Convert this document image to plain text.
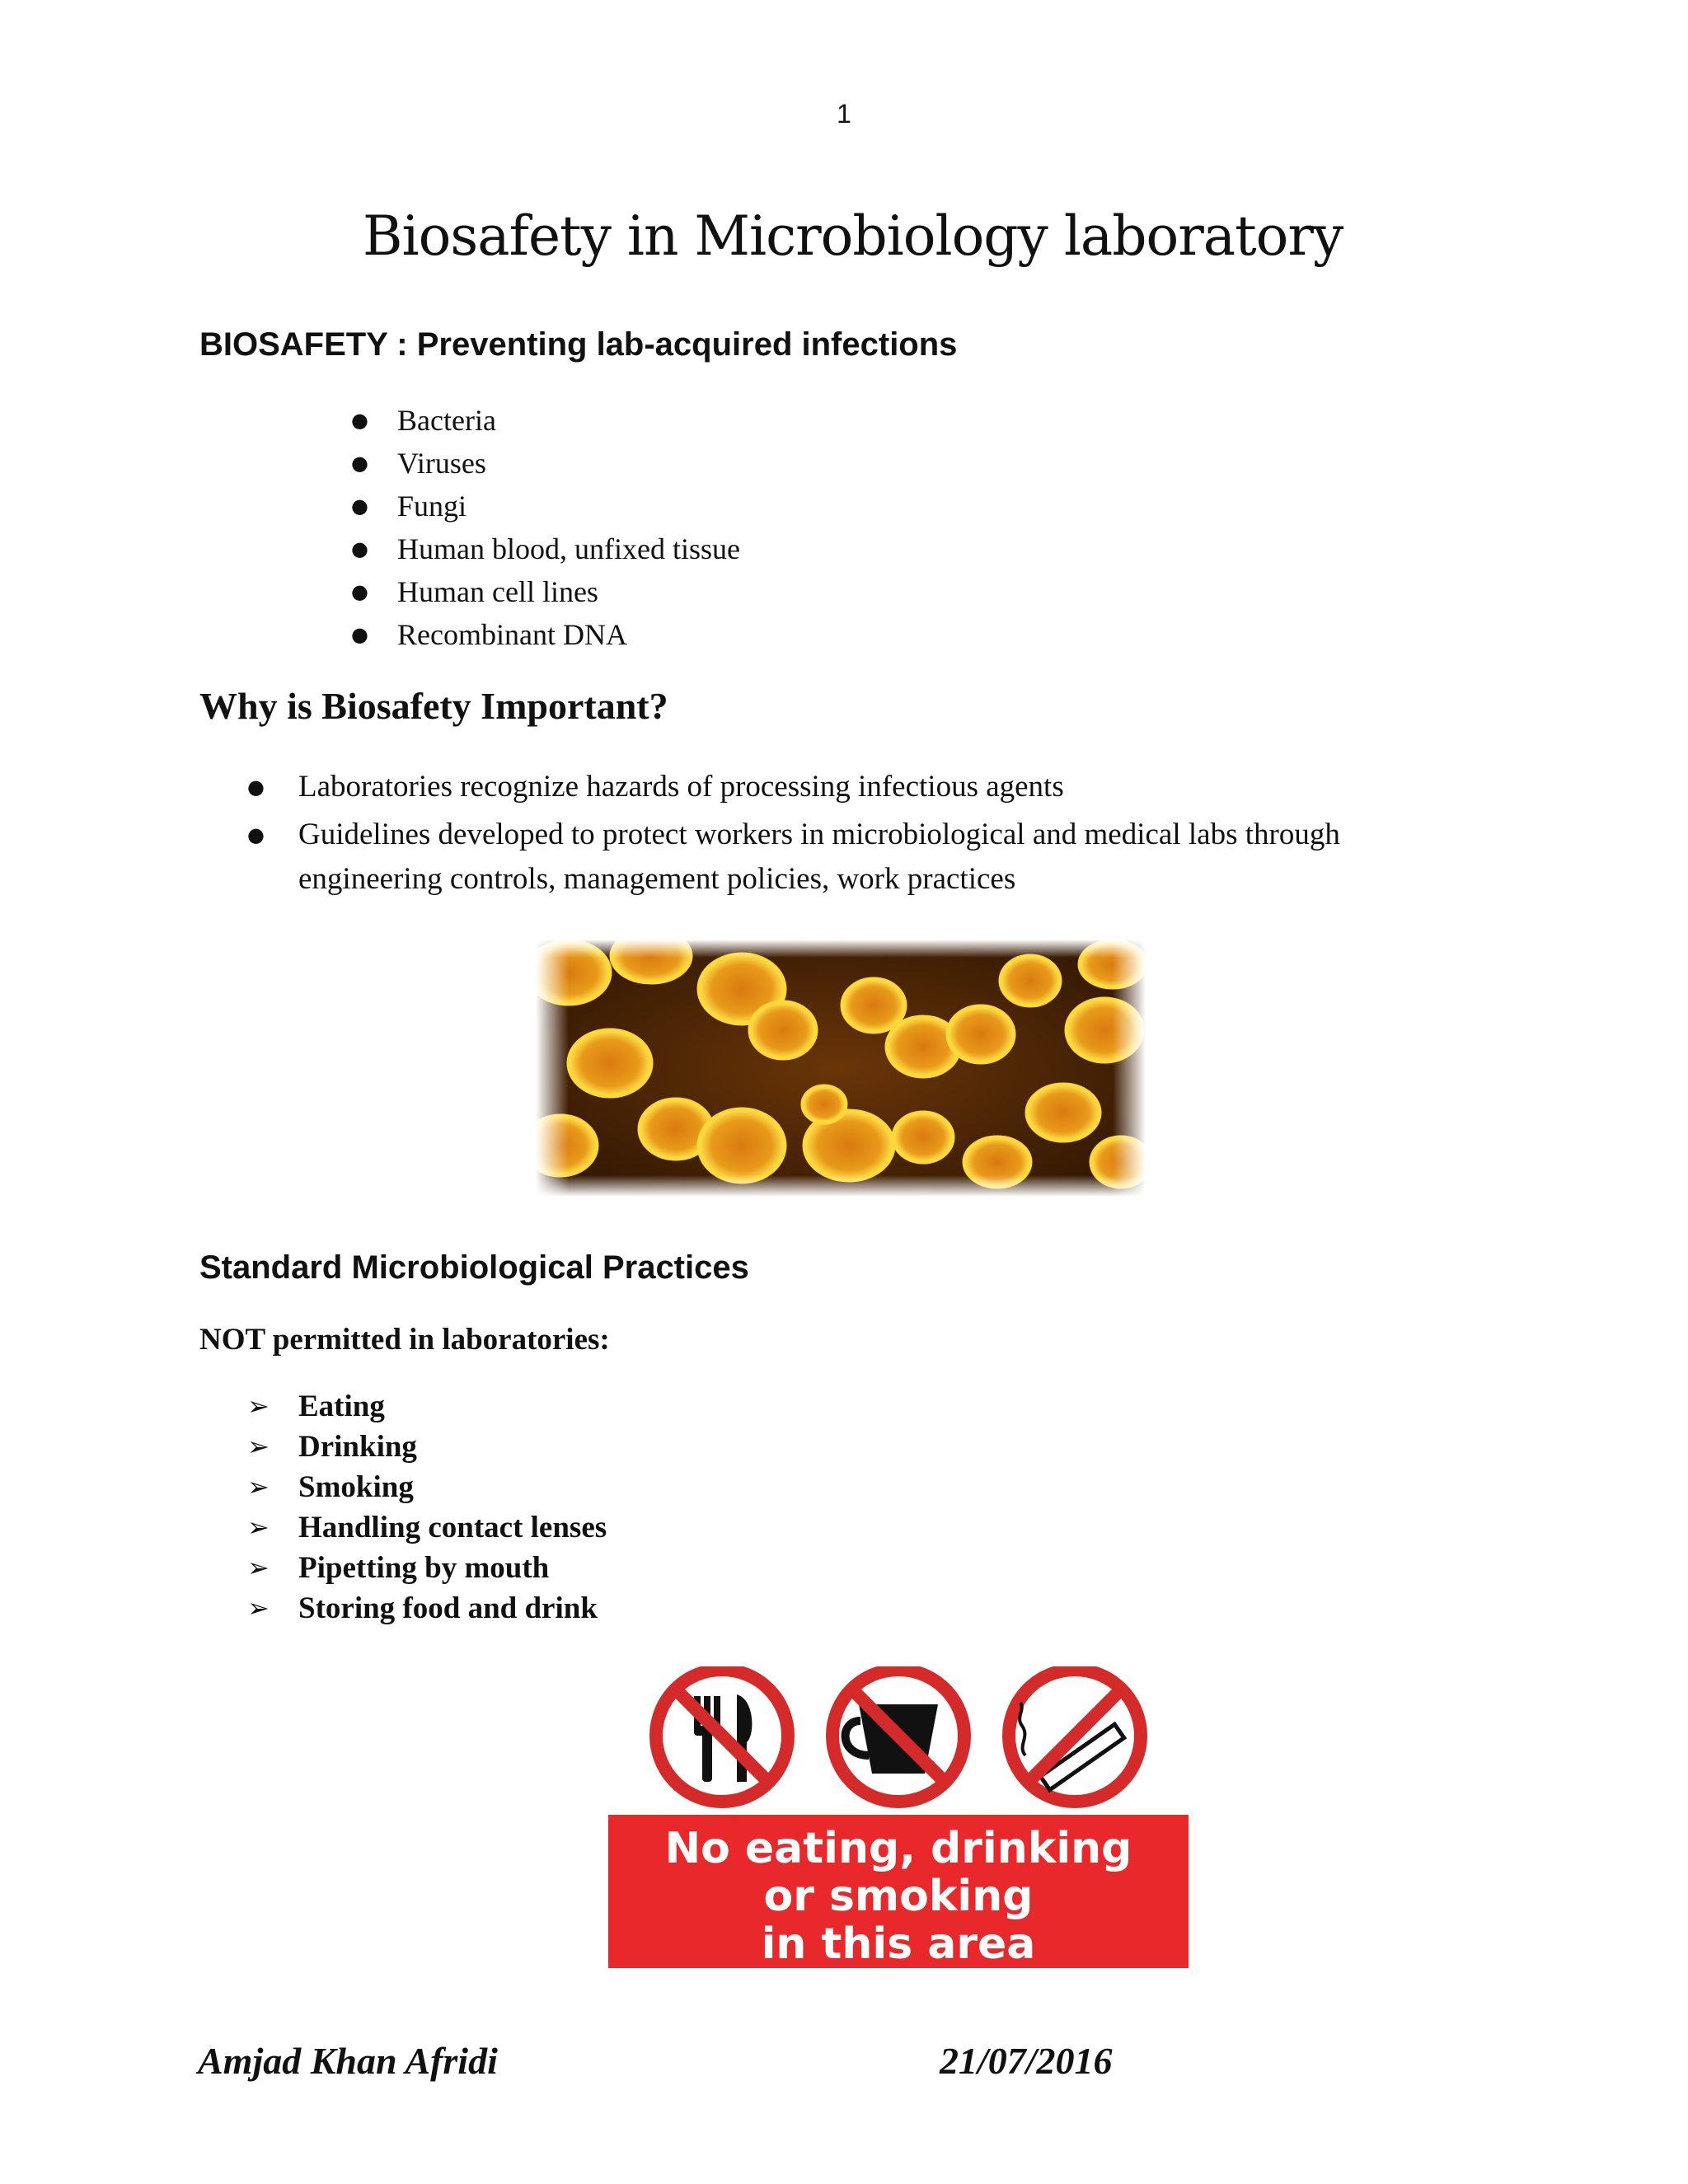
1
Biosafety in Microbiology laboratory
BIOSAFETY : Preventing lab-acquired infections
● Bacteria
● Viruses
● Fungi
● Human blood, unfixed tissue
● Human cell lines
● Recombinant DNA
Why is Biosafety Important?
● Laboratories recognize hazards of processing infectious agents
● Guidelines developed to protect workers in microbiological and medical labs through engineering controls, management policies, work practices
Standard Microbiological Practices
NOT permitted in laboratories:
➢ Eating
➢ Drinking
➢ Smoking
➢ Handling contact lenses
➢ Pipetting by mouth
➢ Storing food and drink
No eating, drinking
or smoking
in this area
Amjad Khan Afridi	21/07/2016
